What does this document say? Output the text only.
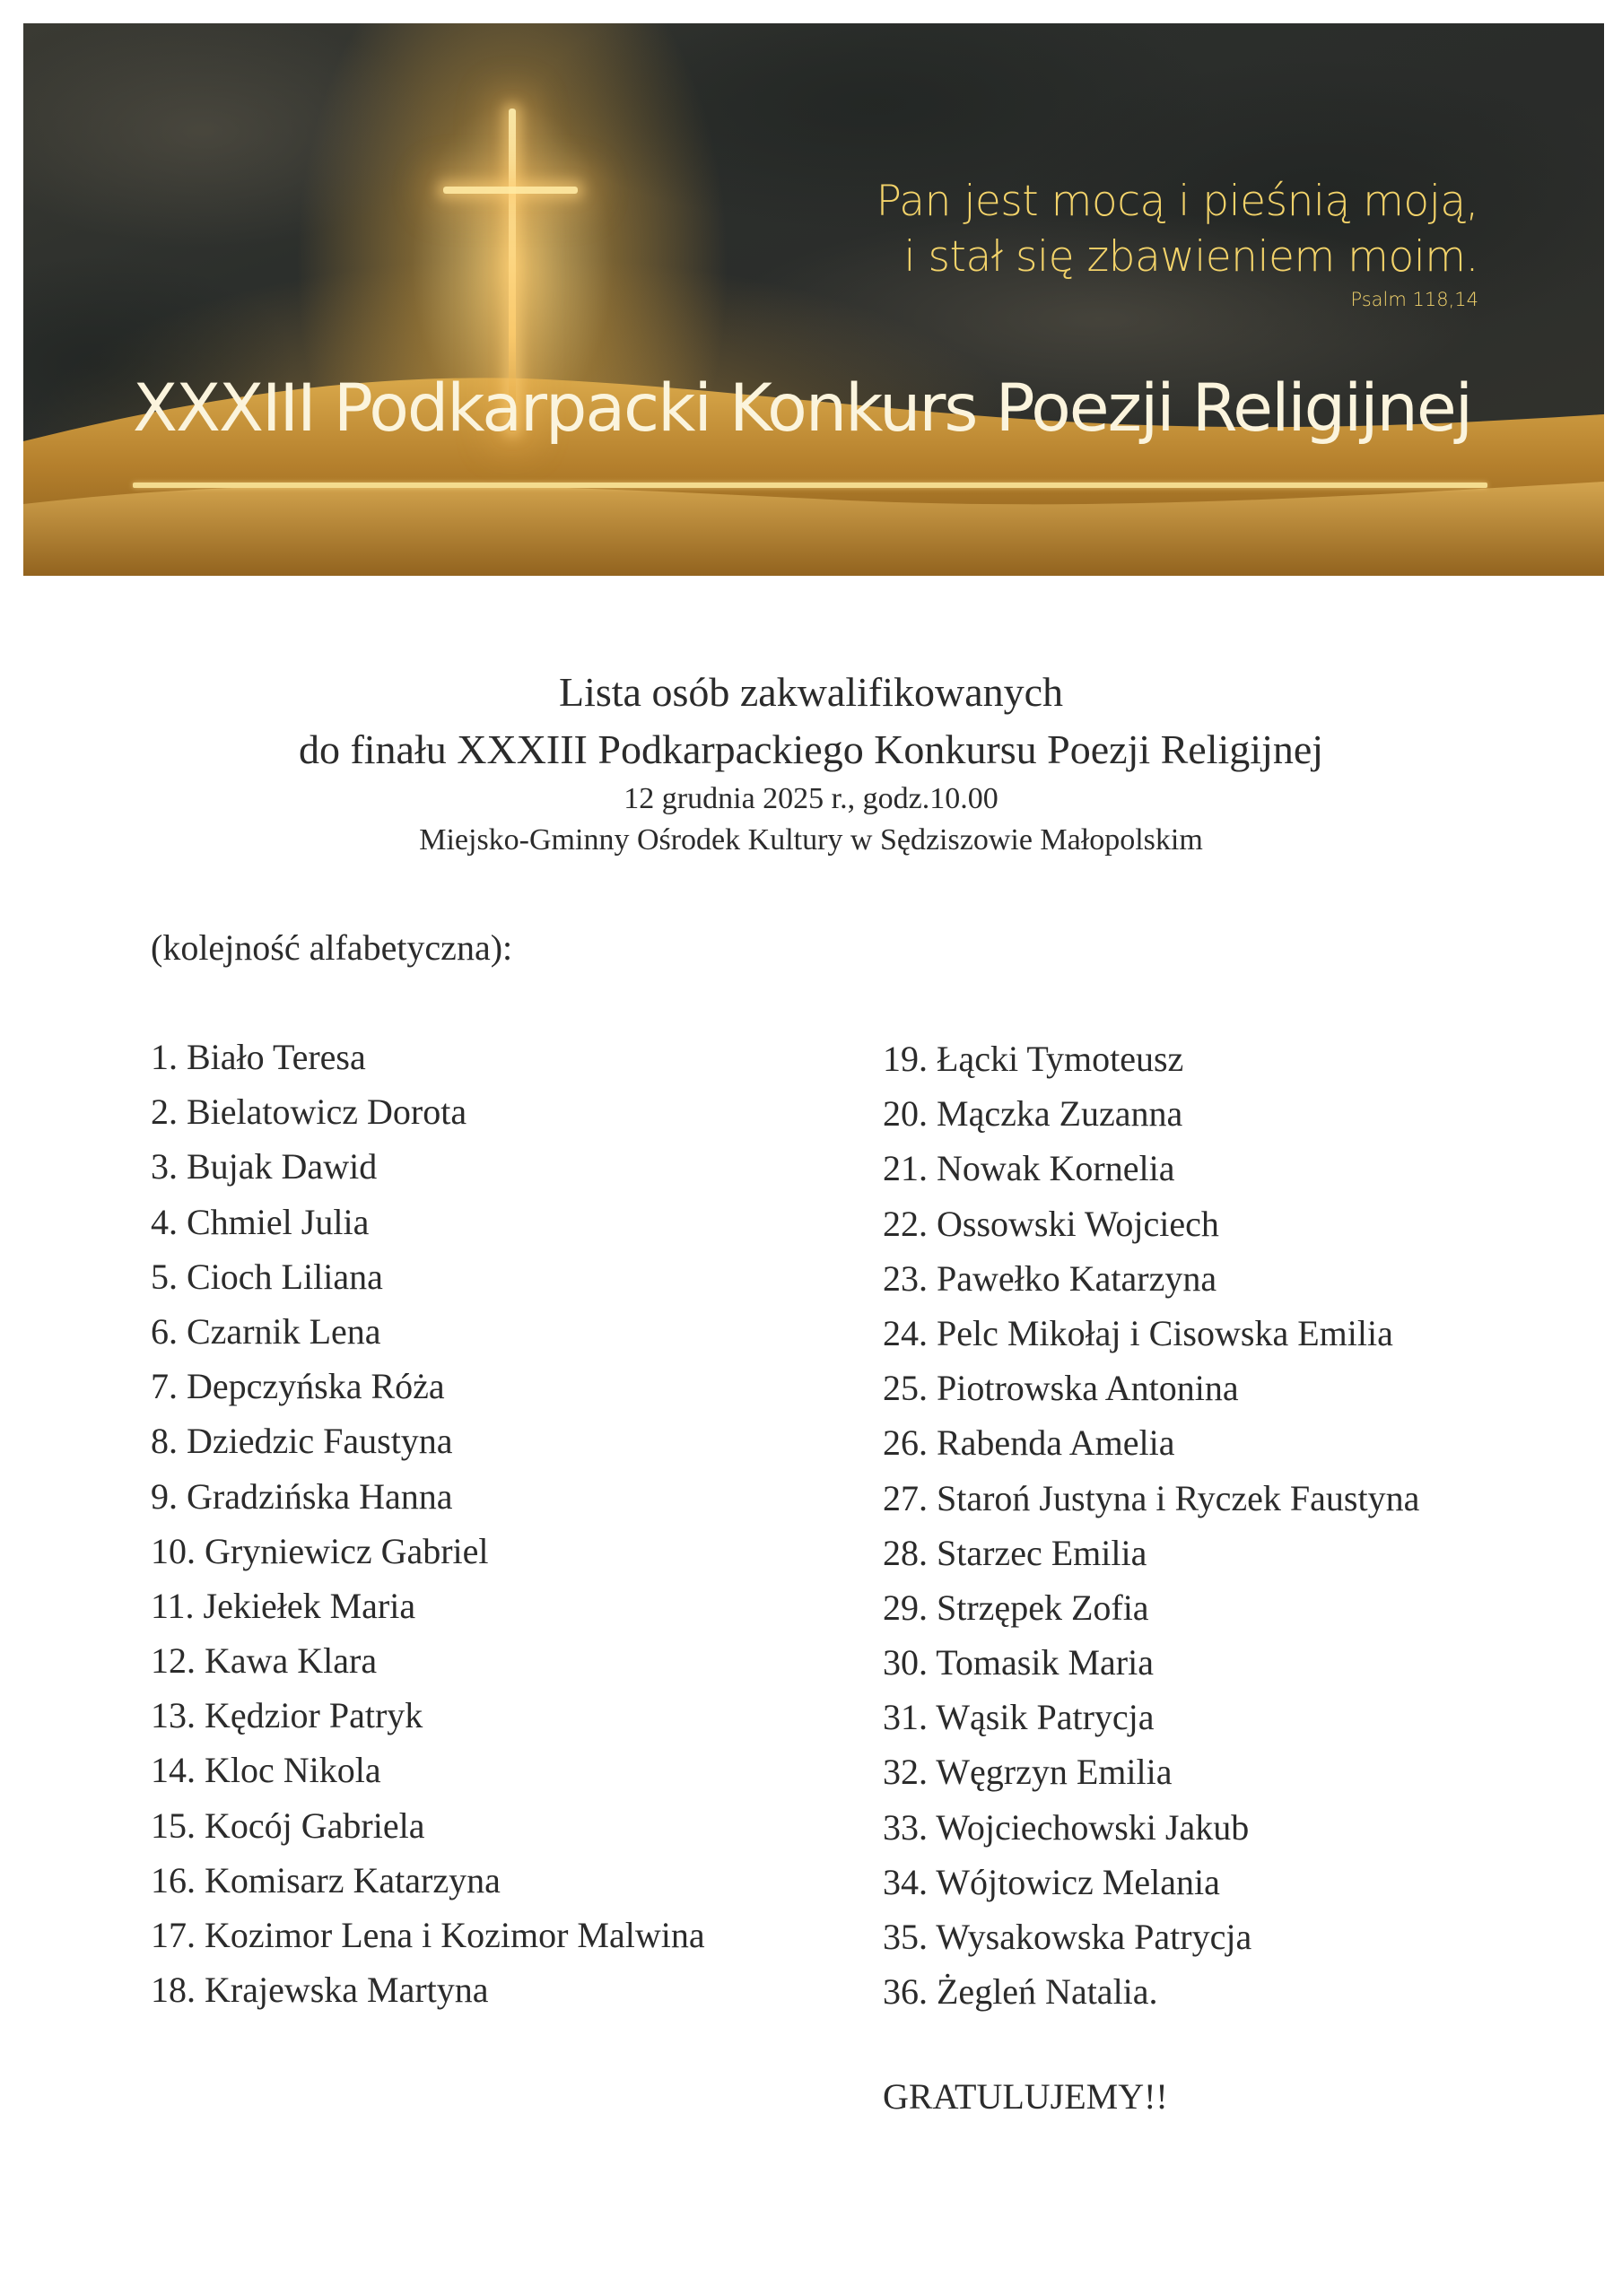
Pan jest mocą i pieśnią moją,
i stał się zbawieniem moim.
Psalm 118,14
XXXIII Podkarpacki Konkurs Poezji Religijnej
Lista osób zakwalifikowanych
do finału XXXIII Podkarpackiego Konkursu Poezji Religijnej
12 grudnia 2025 r., godz.10.00
Miejsko-Gminny Ośrodek Kultury w Sędziszowie Małopolskim
(kolejność alfabetyczna):
1. Biało Teresa
2. Bielatowicz Dorota
3. Bujak Dawid
4. Chmiel Julia
5. Cioch Liliana
6. Czarnik Lena
7. Depczyńska Róża
8. Dziedzic Faustyna
9. Gradzińska Hanna
10. Gryniewicz Gabriel
11. Jekiełek Maria
12. Kawa Klara
13. Kędzior Patryk
14. Kloc Nikola
15. Kocój Gabriela
16. Komisarz Katarzyna
17. Kozimor Lena i Kozimor Malwina
18. Krajewska Martyna
19. Łącki Tymoteusz
20. Mączka Zuzanna
21. Nowak Kornelia
22. Ossowski Wojciech
23. Pawełko Katarzyna
24. Pelc Mikołaj i Cisowska Emilia
25. Piotrowska Antonina
26. Rabenda Amelia
27. Staroń Justyna i Ryczek Faustyna
28. Starzec Emilia
29. Strzępek Zofia
30. Tomasik Maria
31. Wąsik Patrycja
32. Węgrzyn Emilia
33. Wojciechowski Jakub
34. Wójtowicz Melania
35. Wysakowska Patrycja
36. Żegleń Natalia.
GRATULUJEMY!!
